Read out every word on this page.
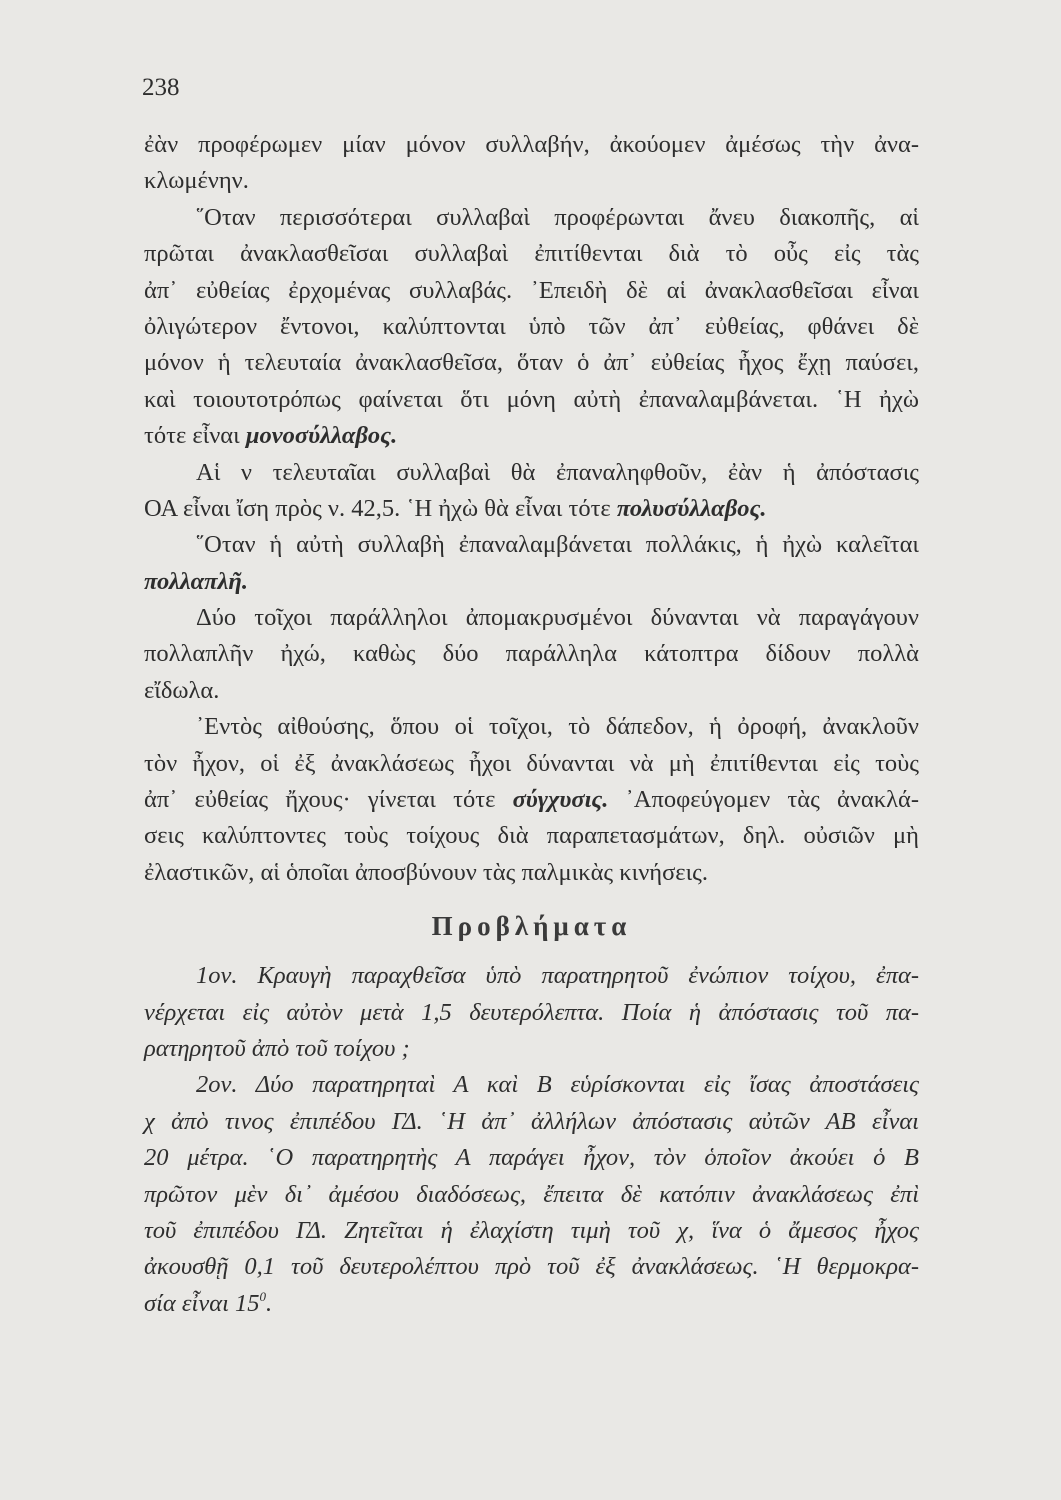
238
ἐὰν προφέρωμεν μίαν μόνον συλλαβήν, ἀκούομεν ἀμέσως τὴν ἀνα-
κλωμένην.
῞Οταν περισσότεραι συλλαβαὶ προφέρωνται ἄνευ διακοπῆς, αἱ
πρῶται ἀνακλασθεῖσαι συλλαβαὶ ἐπιτίθενται διὰ τὸ οὖς εἰς τὰς
ἀπ᾽ εὐθείας ἐρχομένας συλλαβάς. ᾽Επειδὴ δὲ αἱ ἀνακλασθεῖσαι εἶναι
ὀλιγώτερον ἔντονοι, καλύπτονται ὑπὸ τῶν ἀπ᾽ εὐθείας, φθάνει δὲ
μόνον ἡ τελευταία ἀνακλασθεῖσα, ὅταν ὁ ἀπ᾽ εὐθείας ἦχος ἔχῃ παύσει,
καὶ τοιουτοτρόπως φαίνεται ὅτι μόνη αὐτὴ ἐπαναλαμβάνεται. ῾Η ἠχὼ
τότε εἶναι μονοσύλλαβος.
Αἱ ν τελευταῖαι συλλαβαὶ θὰ ἐπαναληφθοῦν, ἐὰν ἡ ἀπόστασις
ΟΑ εἶναι ἴση πρὸς ν. 42,5. ῾Η ἠχὼ θὰ εἶναι τότε πολυσύλλαβος.
῞Οταν ἡ αὐτὴ συλλαβὴ ἐπαναλαμβάνεται πολλάκις, ἡ ἠχὼ καλεῖται
πολλαπλῆ.
Δύο τοῖχοι παράλληλοι ἀπομακρυσμένοι δύνανται νὰ παραγάγουν
πολλαπλῆν ἠχώ, καθὼς δύο παράλληλα κάτοπτρα δίδουν πολλὰ
εἴδωλα.
᾽Εντὸς αἰθούσης, ὅπου οἱ τοῖχοι, τὸ δάπεδον, ἡ ὀροφή, ἀνακλοῦν
τὸν ἦχον, οἱ ἐξ ἀνακλάσεως ἦχοι δύνανται νὰ μὴ ἐπιτίθενται εἰς τοὺς
ἀπ᾽ εὐθείας ἤχους· γίνεται τότε σύγχυσις. ᾽Αποφεύγομεν τὰς ἀνακλά-
σεις καλύπτοντες τοὺς τοίχους διὰ παραπετασμάτων, δηλ. οὐσιῶν μὴ
ἐλαστικῶν, αἱ ὁποῖαι ἀποσβύνουν τὰς παλμικὰς κινήσεις.
Προβλήματα
1ον. Κραυγὴ παραχθεῖσα ὑπὸ παρατηρητοῦ ἐνώπιον τοίχου, ἐπα-
νέρχεται εἰς αὐτὸν μετὰ 1,5 δευτερόλεπτα. Ποία ἡ ἀπόστασις τοῦ πα-
ρατηρητοῦ ἀπὸ τοῦ τοίχου ;
2ον. Δύο παρατηρηταὶ Α καὶ Β εὑρίσκονται εἰς ἴσας ἀποστάσεις
χ ἀπὸ τινος ἐπιπέδου ΓΔ. ῾Η ἀπ᾽ ἀλλήλων ἀπόστασις αὐτῶν ΑΒ εἶναι
20 μέτρα. ῾Ο παρατηρητὴς Α παράγει ἦχον, τὸν ὁποῖον ἀκούει ὁ Β
πρῶτον μὲν δι᾽ ἀμέσου διαδόσεως, ἔπειτα δὲ κατόπιν ἀνακλάσεως ἐπὶ
τοῦ ἐπιπέδου ΓΔ. Ζητεῖται ἡ ἐλαχίστη τιμὴ τοῦ χ, ἵνα ὁ ἄμεσος ἦχος
ἀκουσθῇ 0,1 τοῦ δευτερολέπτου πρὸ τοῦ ἐξ ἀνακλάσεως. ῾Η θερμοκρα-
σία εἶναι $15^0$.
